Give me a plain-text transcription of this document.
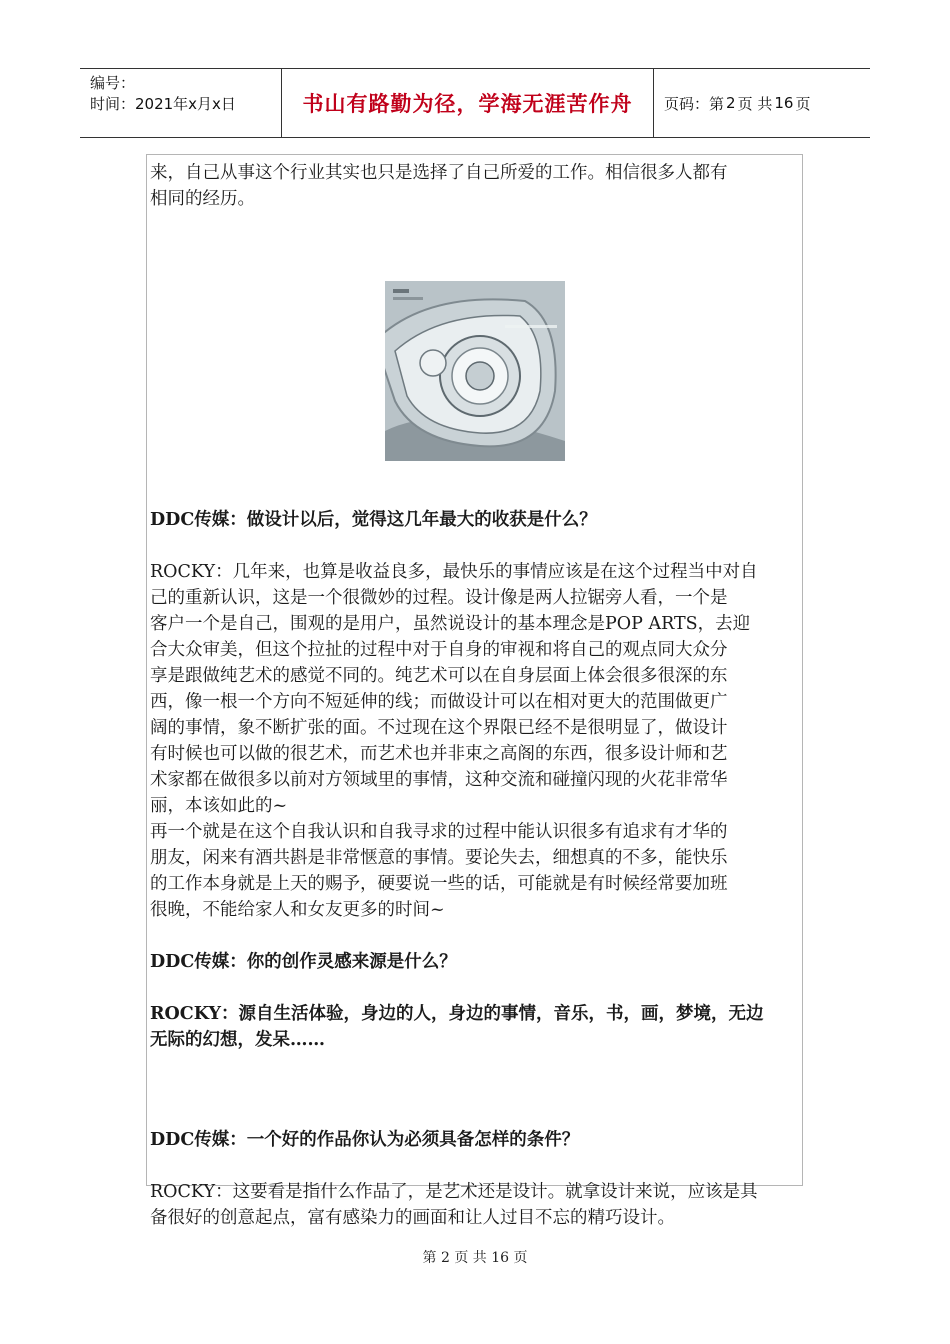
编号：
时间：2021年x月x日	书山有路勤为径，学海无涯苦作舟	页码：第 2 页 共 16 页

来，自己从事这个行业其实也只是选择了自己所爱的工作。相信很多人都有

相同的经历。

DDC传媒：做设计以后，觉得这几年最大的收获是什么？

ROCKY：几年来，也算是收益良多，最快乐的事情应该是在这个过程当中对自

己的重新认识，这是一个很微妙的过程。设计像是两人拉锯旁人看，一个是

客户一个是自己，围观的是用户，虽然说设计的基本理念是POP ARTS，去迎

合大众审美，但这个拉扯的过程中对于自身的审视和将自己的观点同大众分

享是跟做纯艺术的感觉不同的。纯艺术可以在自身层面上体会很多很深的东

西，像一根一个方向不短延伸的线；而做设计可以在相对更大的范围做更广

阔的事情，象不断扩张的面。不过现在这个界限已经不是很明显了，做设计

有时候也可以做的很艺术，而艺术也并非束之高阁的东西，很多设计师和艺

术家都在做很多以前对方领域里的事情，这种交流和碰撞闪现的火花非常华

丽，本该如此的~

再一个就是在这个自我认识和自我寻求的过程中能认识很多有追求有才华的

朋友，闲来有酒共斟是非常惬意的事情。要论失去，细想真的不多，能快乐

的工作本身就是上天的赐予，硬要说一些的话，可能就是有时候经常要加班

很晚，不能给家人和女友更多的时间~

DDC传媒：你的创作灵感来源是什么？

ROCKY：源自生活体验，身边的人，身边的事情，音乐，书，画，梦境，无边

无际的幻想，发呆……

DDC传媒：一个好的作品你认为必须具备怎样的条件？

ROCKY：这要看是指什么作品了，是艺术还是设计。就拿设计来说，应该是具

备很好的创意起点，富有感染力的画面和让人过目不忘的精巧设计。

第 2 页 共 16 页
